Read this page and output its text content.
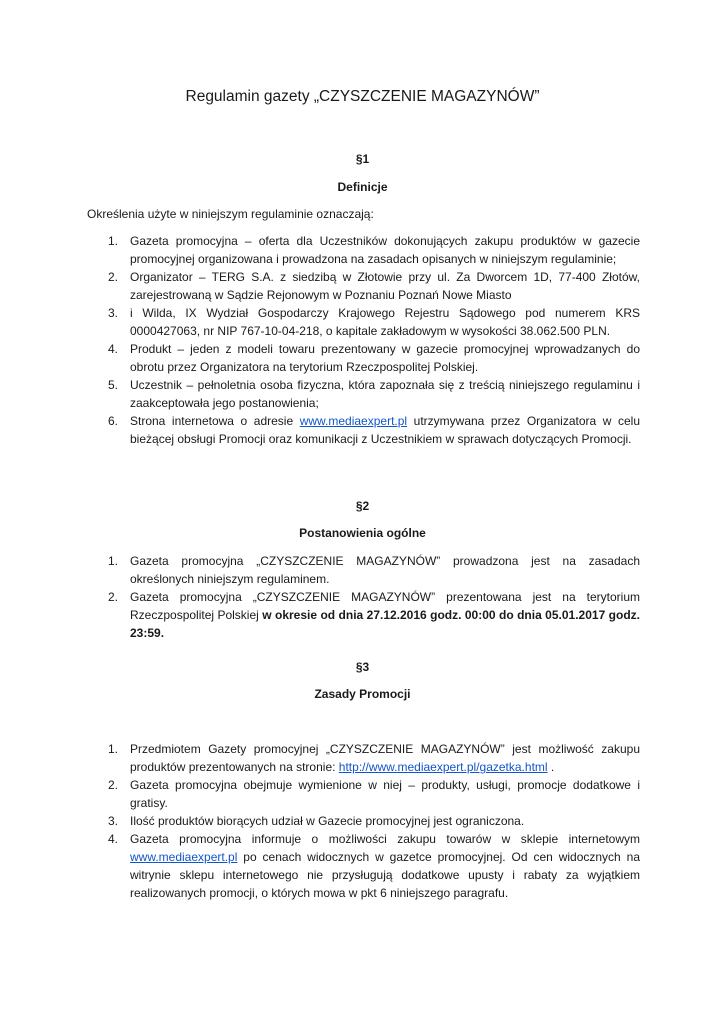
Regulamin gazety „CZYSZCZENIE MAGAZYNÓW”
§1
Definicje
Określenia użyte w niniejszym regulaminie oznaczają:
1. Gazeta promocyjna – oferta dla Uczestników dokonujących zakupu produktów w gazecie promocyjnej organizowana i prowadzona na zasadach opisanych w niniejszym regulaminie;
2. Organizator – TERG S.A. z siedzibą w Złotowie przy ul. Za Dworcem 1D, 77-400 Złotów, zarejestrowaną w Sądzie Rejonowym w Poznaniu Poznań Nowe Miasto
3. i Wilda, IX Wydział Gospodarczy Krajowego Rejestru Sądowego pod numerem KRS 0000427063, nr NIP 767-10-04-218, o kapitale zakładowym w wysokości 38.062.500 PLN.
4. Produkt – jeden z modeli towaru prezentowany w gazecie promocyjnej wprowadzanych do obrotu przez Organizatora na terytorium Rzeczpospolitej Polskiej.
5. Uczestnik – pełnoletnia osoba fizyczna, która zapoznała się z treścią niniejszego regulaminu i zaakceptowała jego postanowienia;
6. Strona internetowa o adresie www.mediaexpert.pl utrzymywana przez Organizatora w celu bieżącej obsługi Promocji oraz komunikacji z Uczestnikiem w sprawach dotyczących Promocji.
§2
Postanowienia ogólne
1. Gazeta promocyjna „CZYSZCZENIE MAGAZYNÓW” prowadzona jest na zasadach określonych niniejszym regulaminem.
2. Gazeta promocyjna „CZYSZCZENIE MAGAZYNÓW” prezentowana jest na terytorium Rzeczpospolitej Polskiej w okresie od dnia 27.12.2016 godz. 00:00 do dnia 05.01.2017 godz. 23:59.
§3
Zasady Promocji
1. Przedmiotem Gazety promocyjnej „CZYSZCZENIE MAGAZYNÓW” jest możliwość zakupu produktów prezentowanych na stronie: http://www.mediaexpert.pl/gazetka.html .
2. Gazeta promocyjna obejmuje wymienione w niej – produkty, usługi, promocje dodatkowe i gratisy.
3. Ilość produktów biorących udział w Gazecie promocyjnej jest ograniczona.
4. Gazeta promocyjna informuje o możliwości zakupu towarów w sklepie internetowym www.mediaexpert.pl po cenach widocznych w gazetce promocyjnej. Od cen widocznych na witrynie sklepu internetowego nie przysługują dodatkowe upusty i rabaty za wyjątkiem realizowanych promocji, o których mowa w pkt 6 niniejszego paragrafu.
